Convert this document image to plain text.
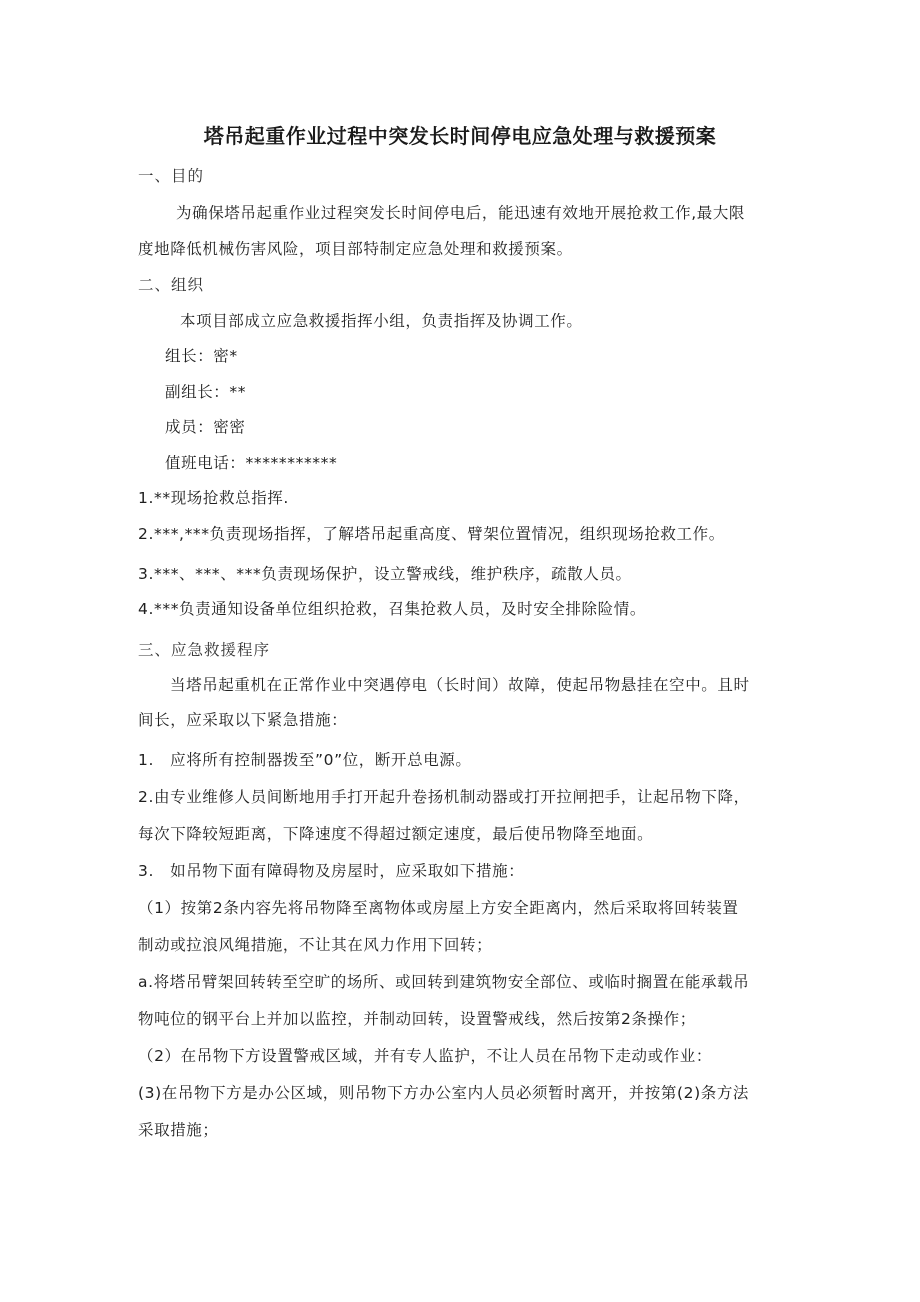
塔吊起重作业过程中突发长时间停电应急处理与救援预案

一、目的

为确保塔吊起重作业过程突发长时间停电后，能迅速有效地开展抢救工作,最大限

度地降低机械伤害风险，项目部特制定应急处理和救援预案。

二、组织

本项目部成立应急救援指挥小组，负责指挥及协调工作。

组长：密*

副组长：**

成员：密密

值班电话：***********

1.**现场抢救总指挥.

2.***,***负责现场指挥，了解塔吊起重高度、臂架位置情况，组织现场抢救工作。

3.***、***、***负责现场保护，设立警戒线，维护秩序，疏散人员。

4.***负责通知设备单位组织抢救，召集抢救人员，及时安全排除险情。

三、应急救援程序

当塔吊起重机在正常作业中突遇停电（长时间）故障，使起吊物悬挂在空中。且时

间长，应采取以下紧急措施：

1.　应将所有控制器拨至”0”位，断开总电源。

2.由专业维修人员间断地用手打开起升卷扬机制动器或打开拉闸把手，让起吊物下降，

每次下降较短距离，下降速度不得超过额定速度，最后使吊物降至地面。

3.　如吊物下面有障碍物及房屋时，应采取如下措施：

（1）按第2条内容先将吊物降至离物体或房屋上方安全距离内，然后采取将回转装置

制动或拉浪风绳措施，不让其在风力作用下回转；

a.将塔吊臂架回转转至空旷的场所、或回转到建筑物安全部位、或临时搁置在能承载吊

物吨位的钢平台上并加以监控，并制动回转，设置警戒线，然后按第2条操作；

（2）在吊物下方设置警戒区域，并有专人监护，不让人员在吊物下走动或作业：

(3)在吊物下方是办公区域，则吊物下方办公室内人员必须暂时离开，并按第(2)条方法

采取措施；
